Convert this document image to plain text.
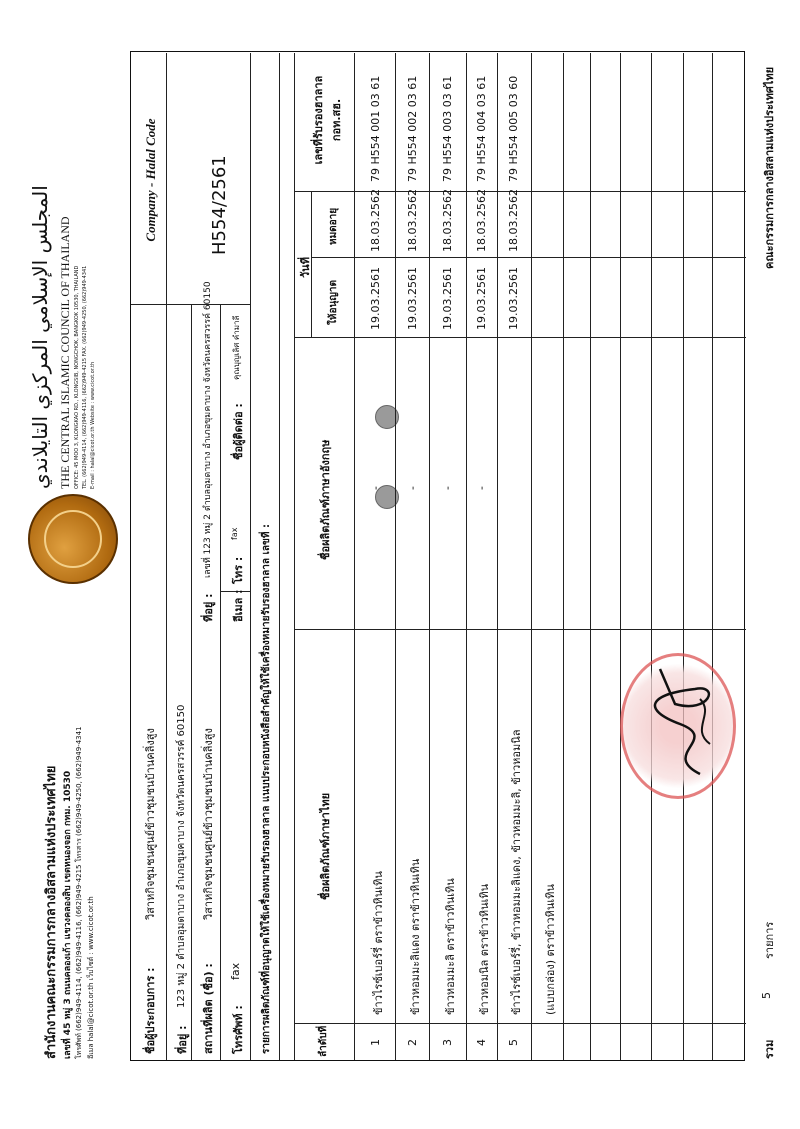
สำนักงานคณะกรรมการกลางอิสลามแห่งประเทศไทย เลขที่ 45 หมู่ 3 ถนนคลองเก้า แขวงคลองสิบ เขตหนองจอก กทม. 10530 โทรศัพท์ (662)949-4114, (662)949-4116, (662)949-4215 โทรสาร (662)949-4250, (662)949-4341 อีเมล halal@cicot.or.th เว็บไซต์ : www.cicot.or.th
ﺍﻟﻤﺠﻠﺲ ﺍﻹﺳﻼﻣﻲ ﺍﻟﻤﺮﻛﺰﻱ ﺍﻟﺘﺎﻳﻼﻧﺪﻱ THE CENTRAL ISLAMIC COUNCIL OF THAILAND OFFICE: 45 MOO 3, KLONGKAO RD., KLONGSIB, NONGCHOK, BANGKOK 10530, THAILAND TEL. (662)949-4114, (662)949-4116, (662)949-4215 FAX. (662)949-4250, (662)949-4341 E-mail : halal@cicot.or.th Website : www.cicot.or.th
ชื่อผู้ประกอบการ :
วิสาหกิจชุมชนศูนย์ข้าวชุมชนบ้านคลิ่งสูง
ที่อยู่ :
123 หมู่ 2 ตำบลอุมดาบาง อำเภอขุมคาบาง จังหวัดนครสวรรค์ 60150
สถานที่ผลิต (ชื่อ) :
วิสาหกิจชุมชนศูนย์ข้าวชุมชนบ้านคลิ่งสูง
ที่อยู่ :
เลขที่ 123 หมู่ 2 ตำบลอุมดาบาง อำเภอขุมคาบาง จังหวัดนครสวรรค์ 60150
โทรศัพท์ :
fax
อีเมล :
โทร :
fax
ชื่อผู้ติดต่อ :
คุณบุญเลิศ คำมาลี
Company - Halal Code	H554/2561
รายการผลิตภัณฑ์ที่อนุญาตให้ใช้เครื่องหมายรับรองฮาลาล แนบประกอบหนังสือสำคัญให้ใช้เครื่องหมายรับรองฮาลาล เลขที่ :	ลำดับที่
ชื่อผลิตภัณฑ์ภาษาไทย
ชื่อผลิตภัณฑ์ภาษาอังกฤษ
วันที่
ให้อนุญาต
หมดอายุ
เลขที่รับรองฮาลาล กอท.สฮ.
1
ข้าวไรซ์เบอร์รี่ ตราข้าวหินเทิน
-
19.03.2561
18.03.2562
79 H554 001 03 61
2
ข้าวหอมมะลิแดง ตราข้าวหินเทิน
-
19.03.2561
18.03.2562
79 H554 002 03 61
3
ข้าวหอมมะลิ ตราข้าวหินเทิน
-
19.03.2561
18.03.2562
79 H554 003 03 61
4
ข้าวหอมนิล ตราข้าวหินเทิน
-
19.03.2561
18.03.2562
79 H554 004 03 61
5
ข้าวไรซ์เบอร์รี่, ข้าวหอมมะลิแดง, ข้าวหอมมะลิ, ข้าวหอมนิล (แบบกล่อง) ตราข้าวหินเทิน
19.03.2561
18.03.2562
79 H554 005 03 60
รวม
5
รายการ
คณะกรรมการกลางอิสลามแห่งประเทศไทย
